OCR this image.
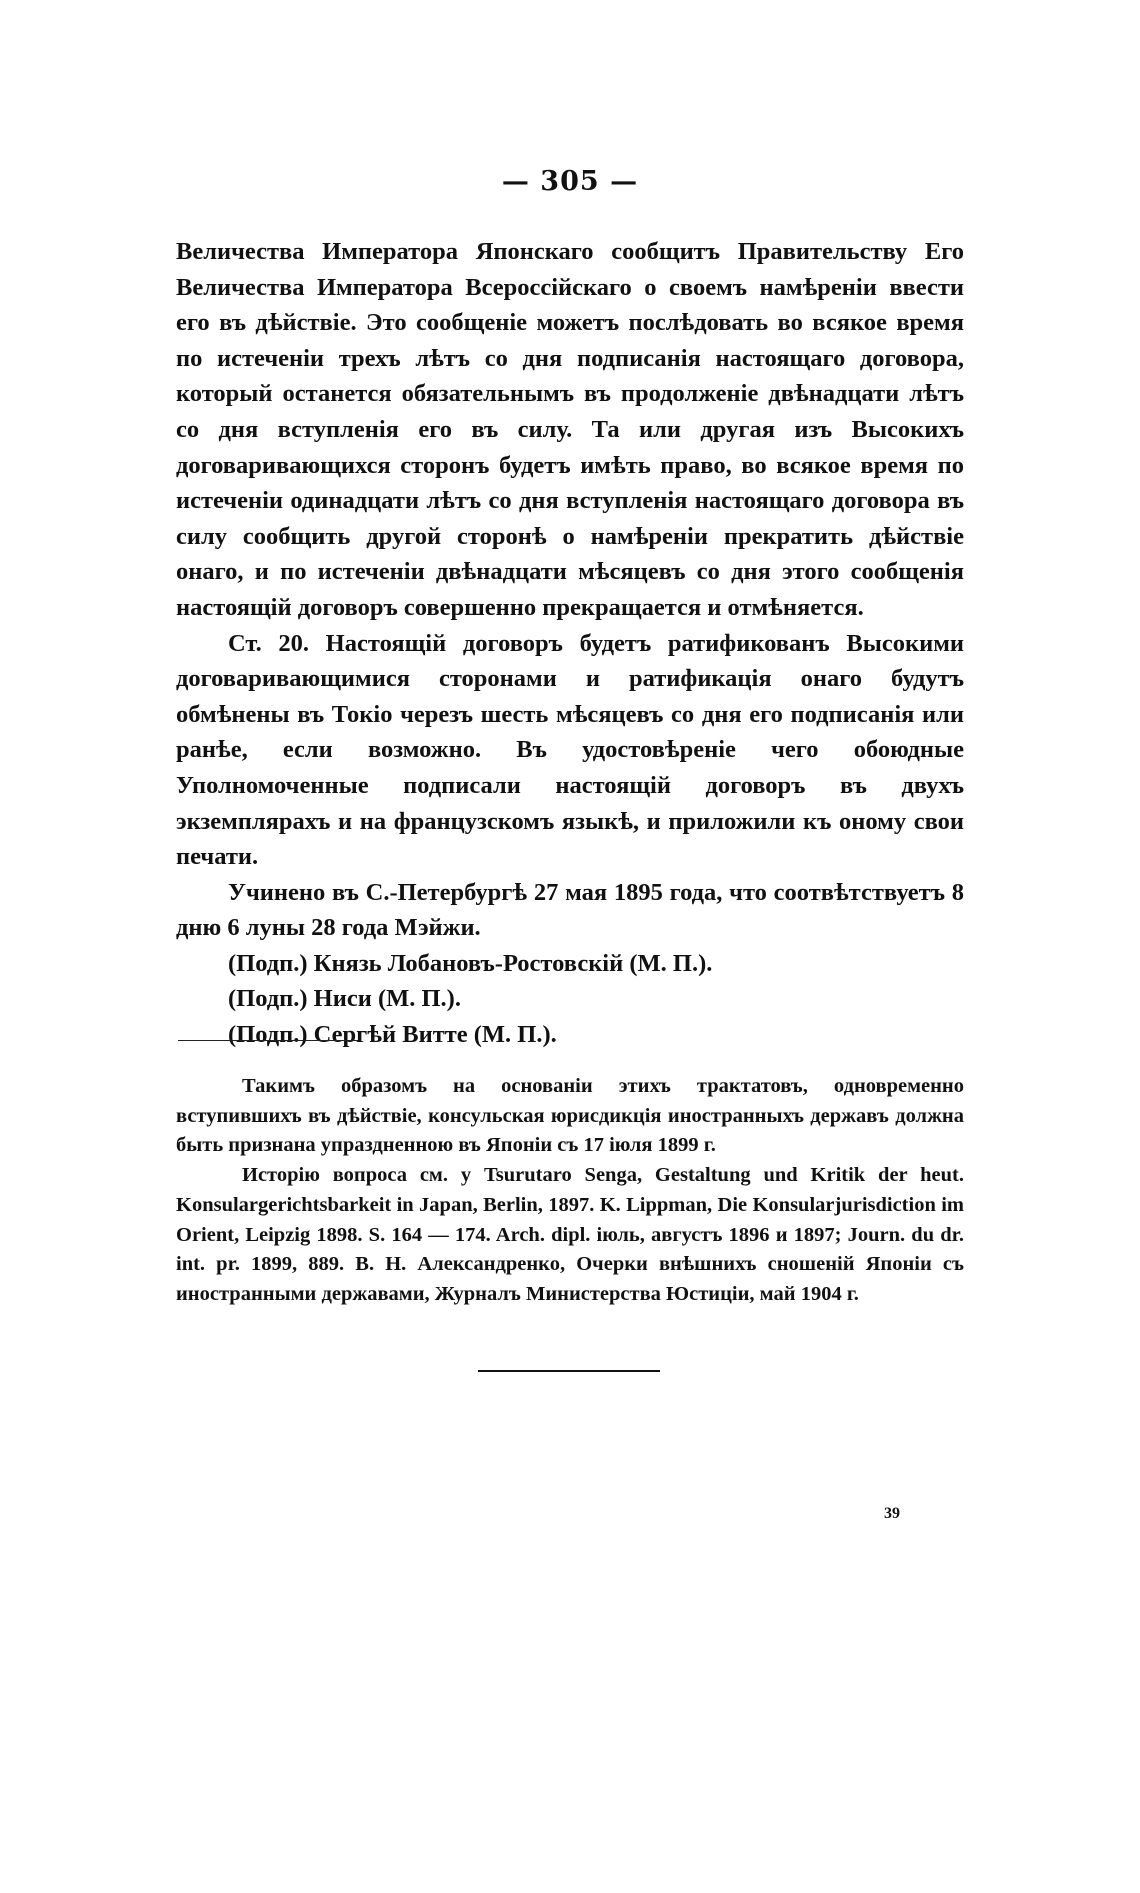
— 305 —

Величества Императора Японскаго сообщитъ Правительству Его Величества Императора Всероссійскаго о своемъ намѣреніи ввести его въ дѣйствіе. Это сообщеніе можетъ послѣдовать во всякое время по истеченіи трехъ лѣтъ со дня подписанія настоящаго договора, который останется обязательнымъ въ продолженіе двѣнадцати лѣтъ со дня вступленія его въ силу. Та или другая изъ Высокихъ договаривающихся сторонъ будетъ имѣть право, во всякое время по истеченіи одинадцати лѣтъ со дня вступленія настоящаго договора въ силу сообщить другой сторонѣ о намѣреніи прекратить дѣйствіе онаго, и по истеченіи двѣнадцати мѣсяцевъ со дня этого сообщенія настоящій договоръ совершенно прекращается и отмѣняется.

Ст. 20. Настоящій договоръ будетъ ратификованъ Высокими договаривающимися сторонами и ратификація онаго будутъ обмѣнены въ Токіо черезъ шесть мѣсяцевъ со дня его подписанія или ранѣе, если возможно. Въ удостовѣреніе чего обоюдные Уполномоченные подписали настоящій договоръ въ двухъ экземплярахъ и на французскомъ языкѣ, и приложили къ оному свои печати.

Учинено въ С.-Петербургѣ 27 мая 1895 года, что соотвѣтствуетъ 8 дню 6 луны 28 года Мэйжи.

(Подп.) Князь Лобановъ-Ростовскій (М. П.).

(Подп.) Ниси (М. П.).

(Подп.) Сергѣй Витте (М. П.).

Такимъ образомъ на основаніи этихъ трактатовъ, одновременно вступившихъ въ дѣйствіе, консульская юрисдикція иностранныхъ державъ должна быть признана упраздненною въ Японіи съ 17 іюля 1899 г.

Исторію вопроса см. у Tsurutaro Senga, Gestaltung und Kritik der heut. Konsulargerichtsbarkeit in Japan, Berlin, 1897. K. Lippman, Die Konsularjurisdiction im Orient, Leipzig 1898. S. 164 — 174. Arch. dipl. іюль, августъ 1896 и 1897; Journ. du dr. int. pr. 1899, 889. В. Н. Александренко, Очерки внѣшнихъ сношеній Японіи съ иностранными державами, Журналъ Министерства Юстиціи, май 1904 г.

39
